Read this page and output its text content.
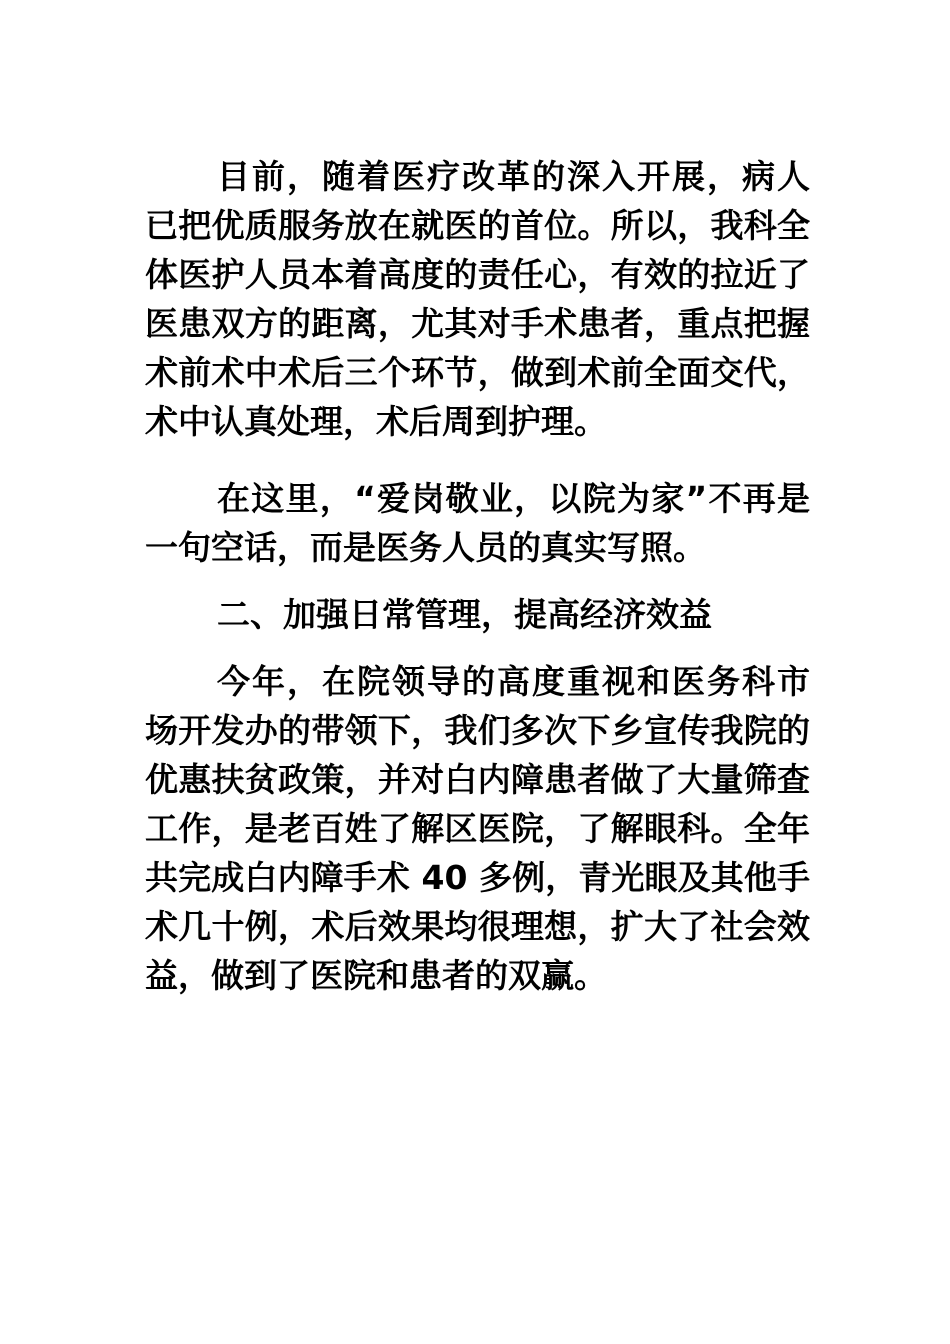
目前，随着医疗改革的深入开展，病人已把优质服务放在就医的首位。所以，我科全体医护人员本着高度的责任心，有效的拉近了医患双方的距离，尤其对手术患者，重点把握术前术中术后三个环节，做到术前全面交代，术中认真处理，术后周到护理。

在这里，“爱岗敬业，以院为家”不再是一句空话，而是医务人员的真实写照。

二、加强日常管理，提高经济效益

今年，在院领导的高度重视和医务科市场开发办的带领下，我们多次下乡宣传我院的优惠扶贫政策，并对白内障患者做了大量筛查工作，是老百姓了解区医院，了解眼科。全年共完成白内障手术 40 多例，青光眼及其他手术几十例，术后效果均很理想，扩大了社会效益，做到了医院和患者的双赢。
